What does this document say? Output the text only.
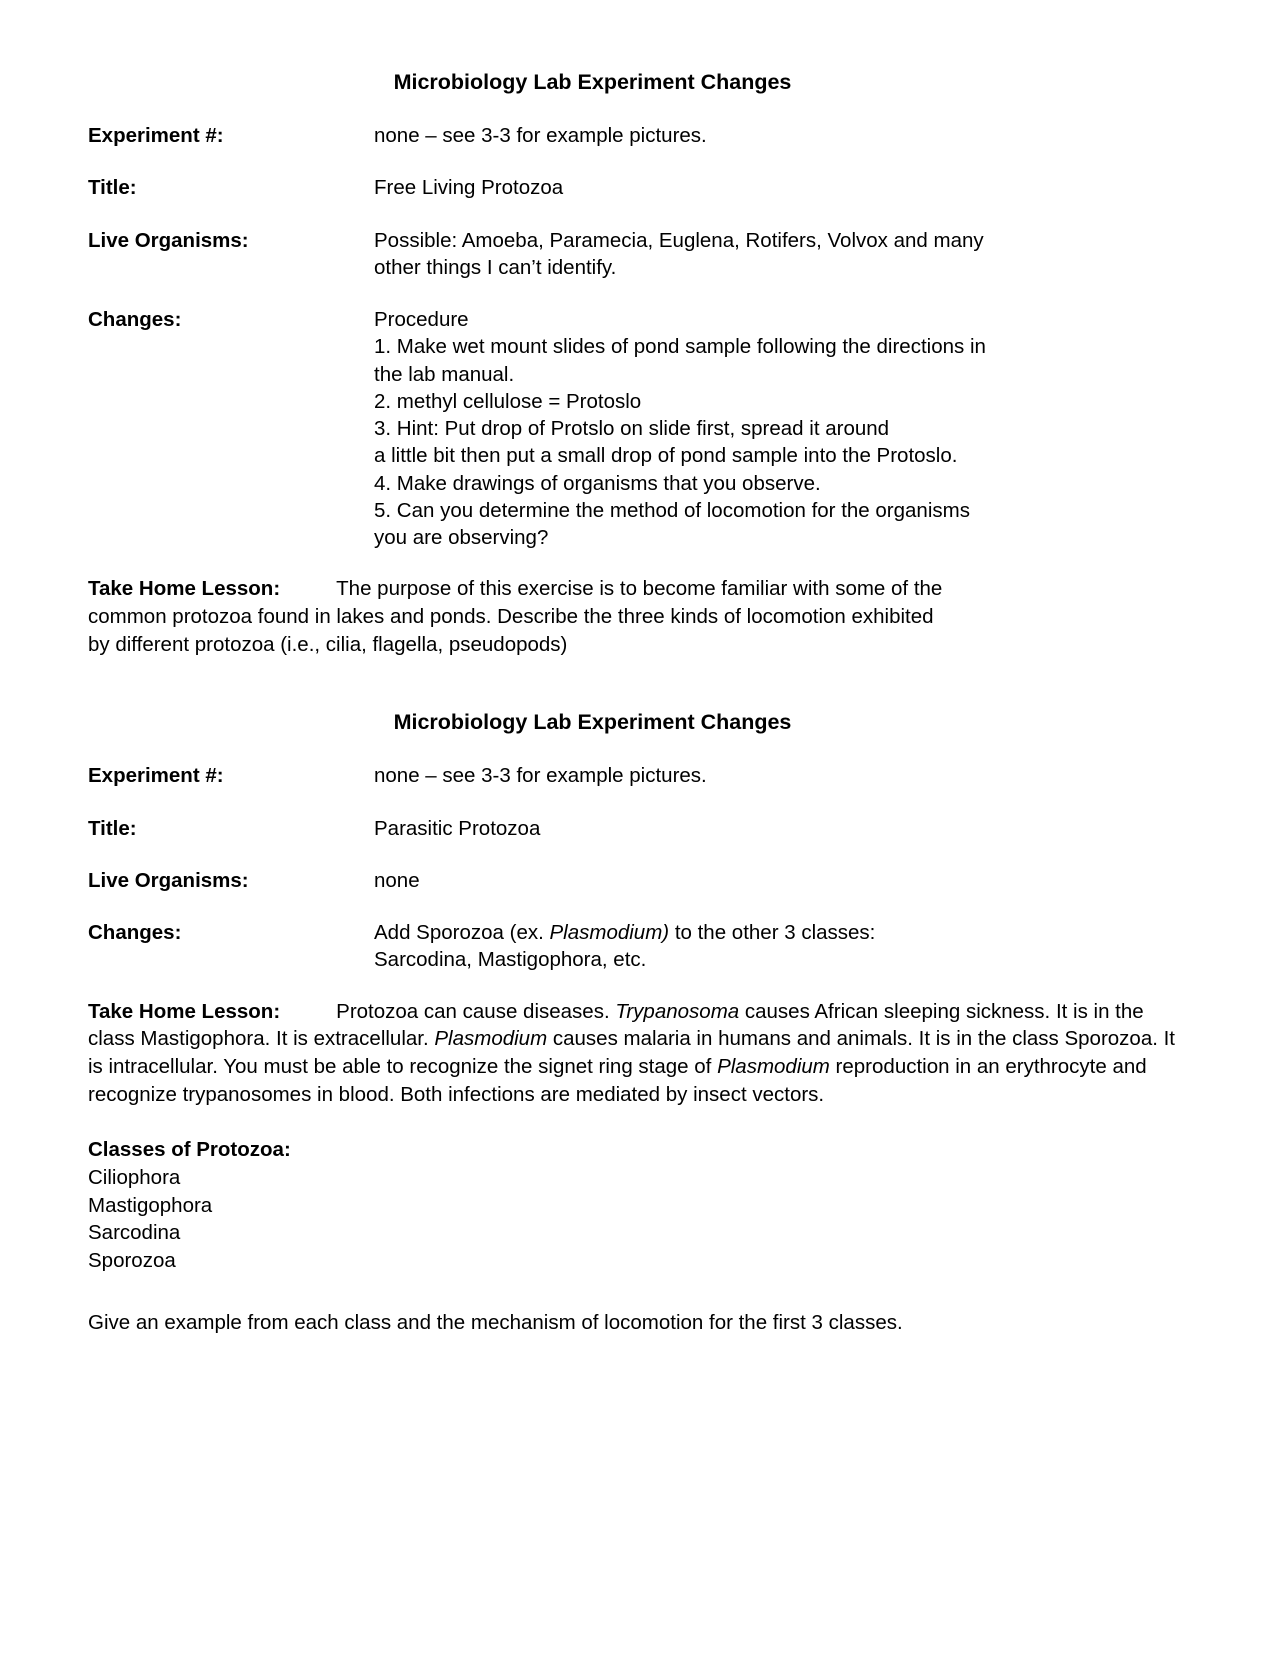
Microbiology Lab Experiment Changes
Experiment #:	none – see 3-3 for example pictures.
Title:	Free Living Protozoa
Live Organisms:	Possible: Amoeba, Paramecia, Euglena, Rotifers, Volvox and many

other things I can’t identify.

Changes:	Procedure

1. Make wet mount slides of pond sample following the directions in

the lab manual.

2. methyl cellulose = Protoslo

3. Hint: Put drop of Protslo on slide first, spread it around

a little bit then put a small drop of pond sample into the Protoslo.

4. Make drawings of organisms that you observe.

5. Can you determine the method of locomotion for the organisms

you are observing?

Take Home Lesson:	The purpose of this exercise is to become familiar with some of the
common protozoa found in lakes and ponds. Describe the three kinds of locomotion exhibited
by different protozoa (i.e., cilia, flagella, pseudopods)
Microbiology Lab Experiment Changes
Experiment #:	none – see 3-3 for example pictures.
Title:	Parasitic Protozoa
Live Organisms:	none
Changes:	Add Sporozoa (ex. Plasmodium) to the other 3 classes:

Sarcodina, Mastigophora, etc.

Take Home Lesson:	Protozoa can cause diseases. Trypanosoma causes African sleeping sickness. It is in the class Mastigophora. It is extracellular. Plasmodium causes malaria in humans and animals. It is in the class Sporozoa. It is intracellular. You must be able to recognize the signet ring stage of Plasmodium reproduction in an erythrocyte and recognize trypanosomes in blood. Both infections are mediated by insect vectors.
Classes of Protozoa:
Ciliophora
Mastigophora
Sarcodina
Sporozoa
Give an example from each class and the mechanism of locomotion for the first 3 classes.
